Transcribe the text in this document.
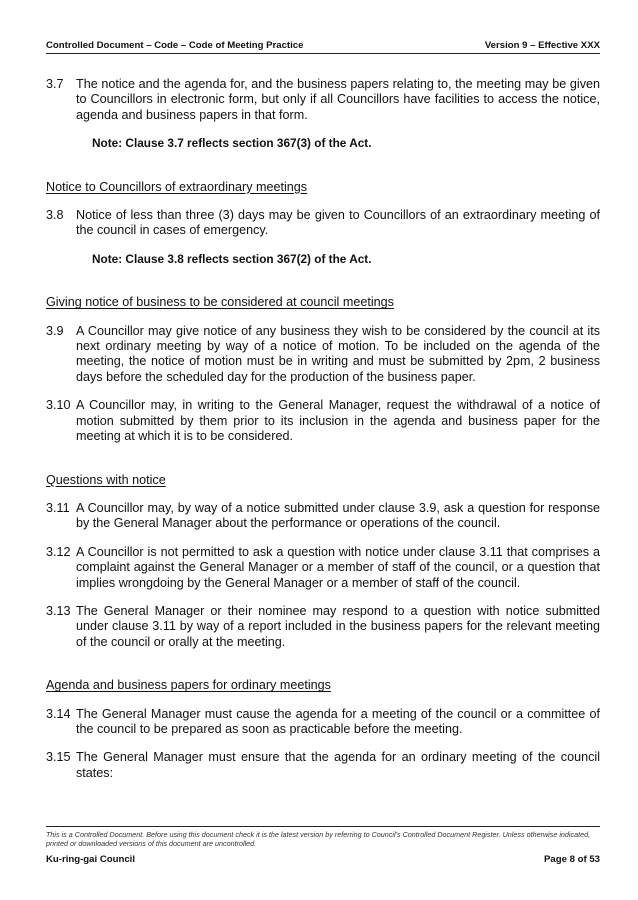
Controlled Document – Code – Code of Meeting Practice	Version 9 – Effective XXX
3.7 The notice and the agenda for, and the business papers relating to, the meeting may be given to Councillors in electronic form, but only if all Councillors have facilities to access the notice, agenda and business papers in that form.
Note: Clause 3.7 reflects section 367(3) of the Act.
Notice to Councillors of extraordinary meetings
3.8 Notice of less than three (3) days may be given to Councillors of an extraordinary meeting of the council in cases of emergency.
Note: Clause 3.8 reflects section 367(2) of the Act.
Giving notice of business to be considered at council meetings
3.9 A Councillor may give notice of any business they wish to be considered by the council at its next ordinary meeting by way of a notice of motion. To be included on the agenda of the meeting, the notice of motion must be in writing and must be submitted by 2pm, 2 business days before the scheduled day for the production of the business paper.
3.10 A Councillor may, in writing to the General Manager, request the withdrawal of a notice of motion submitted by them prior to its inclusion in the agenda and business paper for the meeting at which it is to be considered.
Questions with notice
3.11 A Councillor may, by way of a notice submitted under clause 3.9, ask a question for response by the General Manager about the performance or operations of the council.
3.12 A Councillor is not permitted to ask a question with notice under clause 3.11 that comprises a complaint against the General Manager or a member of staff of the council, or a question that implies wrongdoing by the General Manager or a member of staff of the council.
3.13 The General Manager or their nominee may respond to a question with notice submitted under clause 3.11 by way of a report included in the business papers for the relevant meeting of the council or orally at the meeting.
Agenda and business papers for ordinary meetings
3.14 The General Manager must cause the agenda for a meeting of the council or a committee of the council to be prepared as soon as practicable before the meeting.
3.15 The General Manager must ensure that the agenda for an ordinary meeting of the council states:
This is a Controlled Document. Before using this document check it is the latest version by referring to Council’s Controlled Document Register. Unless otherwise indicated, printed or downloaded versions of this document are uncontrolled.
Ku-ring-gai Council	Page 8 of 53
